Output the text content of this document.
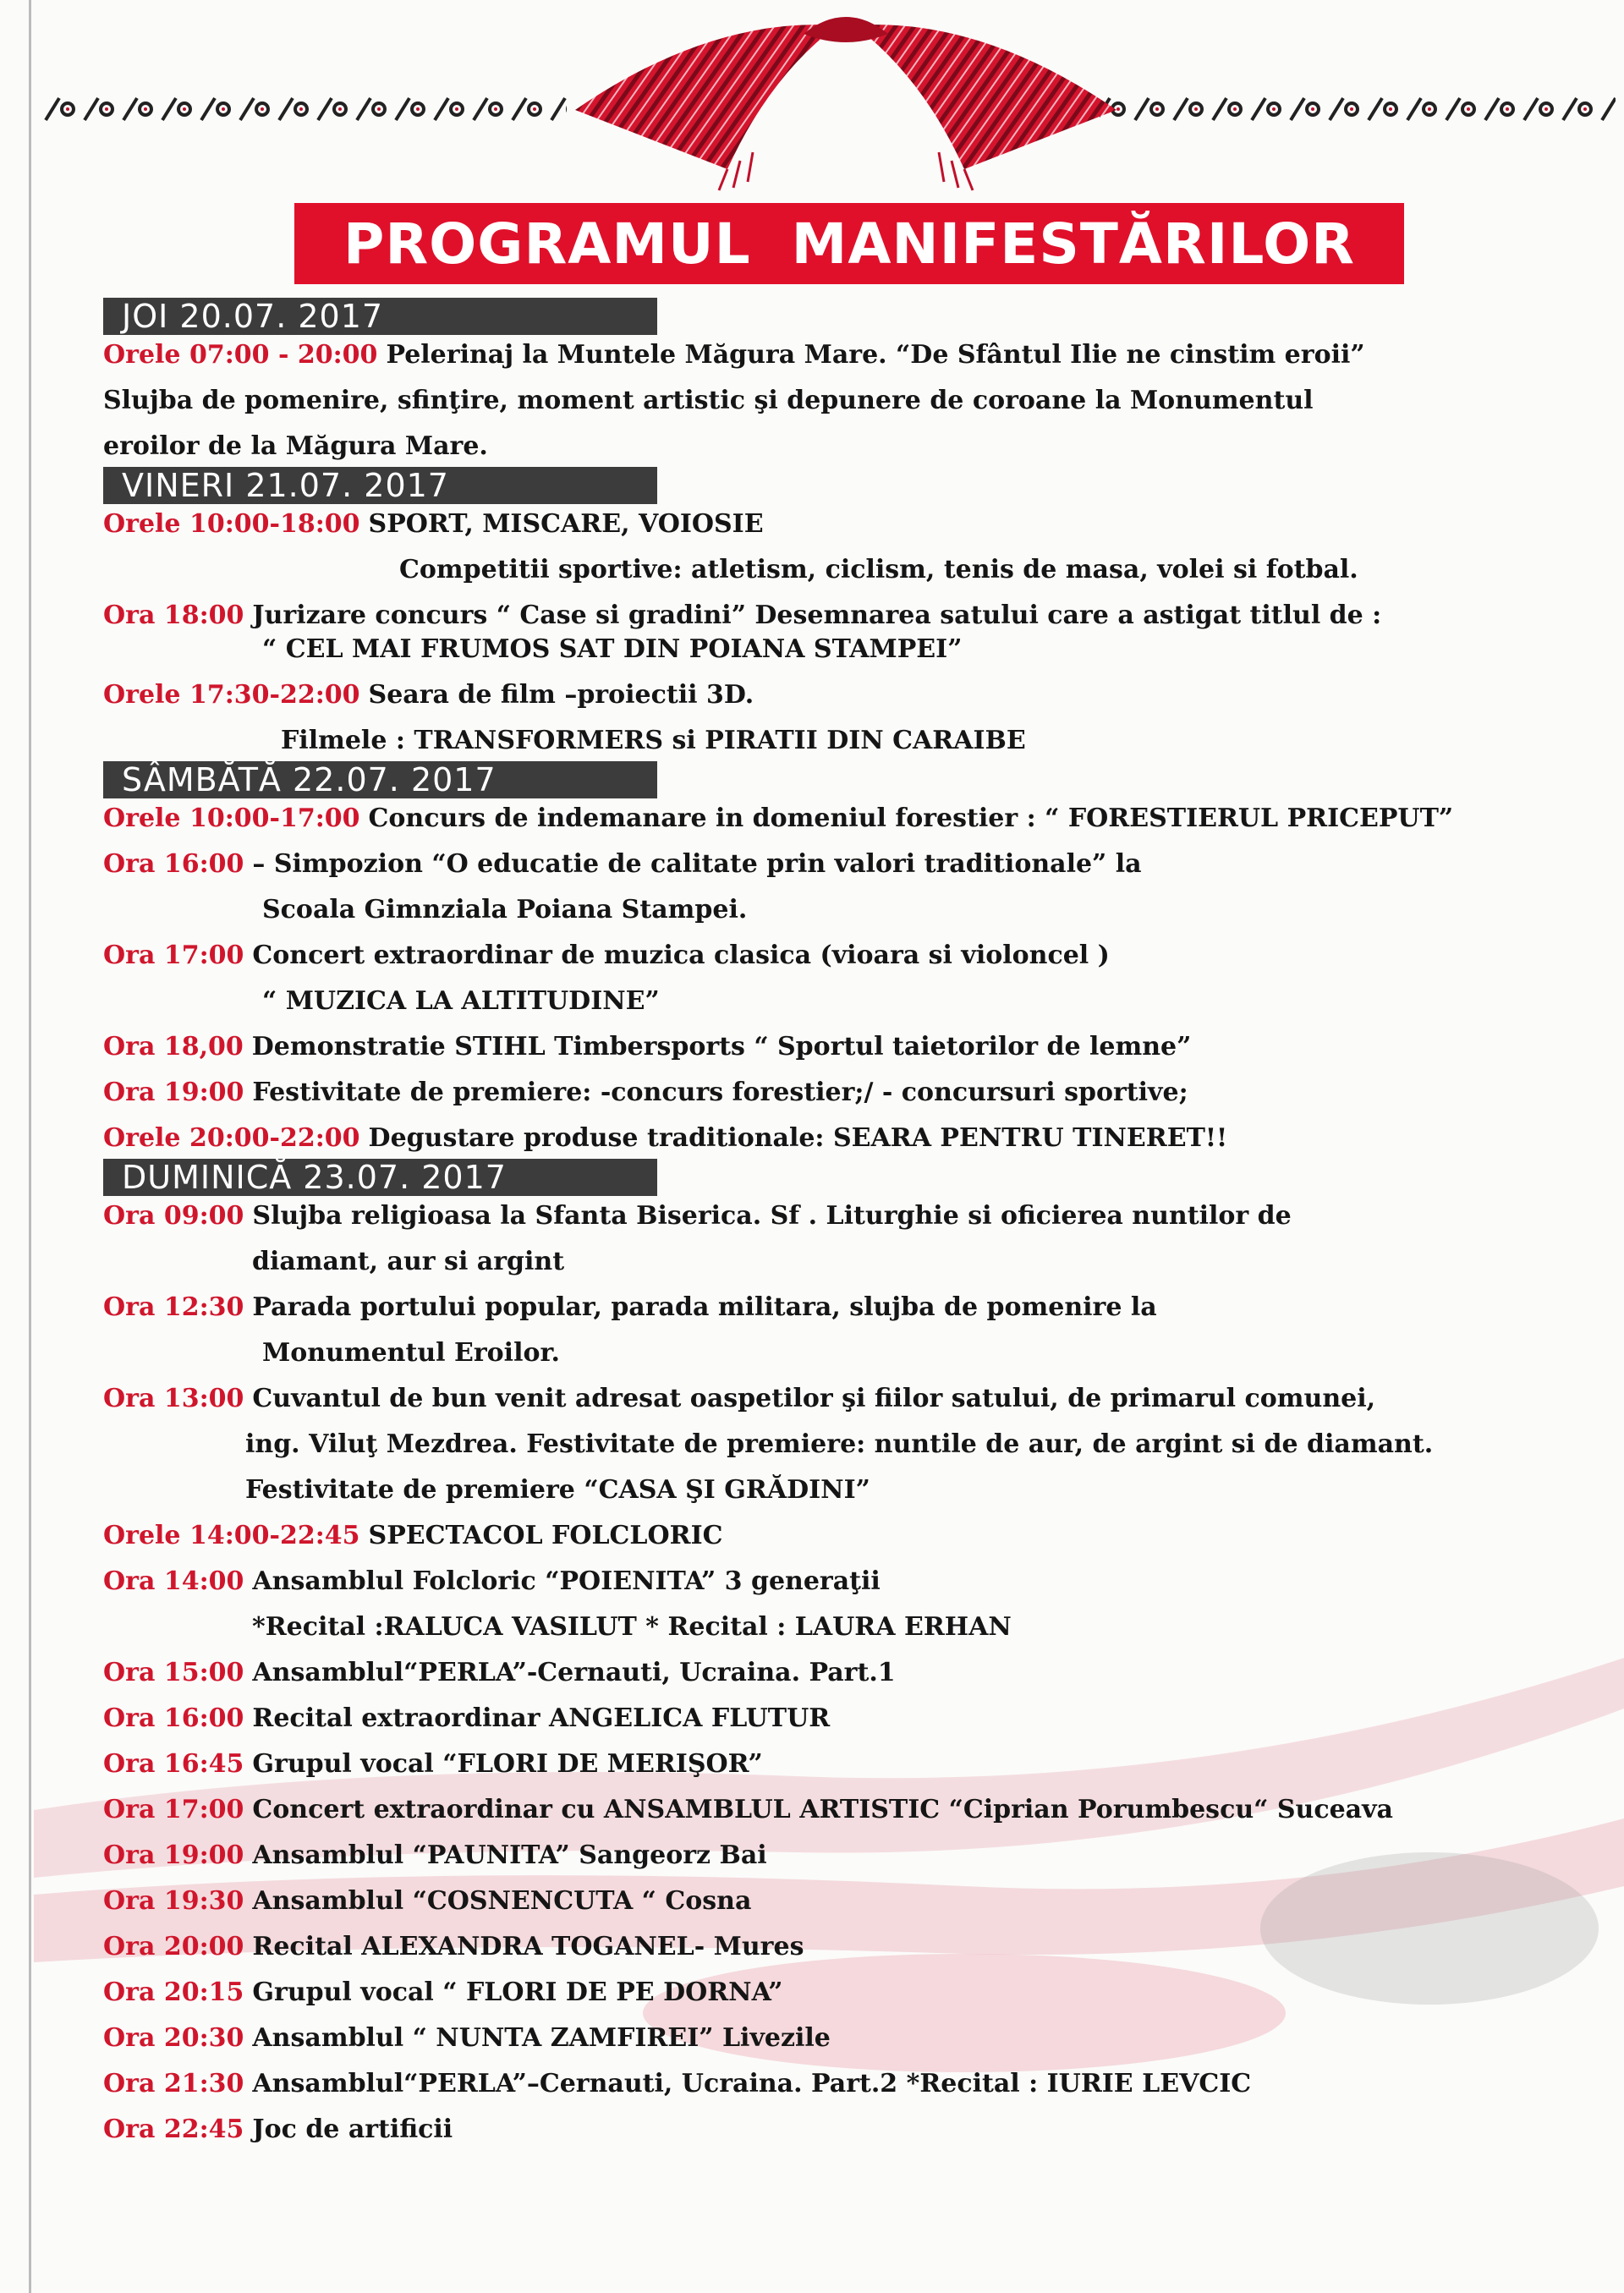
PROGRAMUL  MANIFESTĂRILOR
JOI 20.07. 2017
Orele 07:00 - 20:00 Pelerinaj la Muntele Măgura Mare. “De Sfântul Ilie ne cinstim eroii”
Slujba de pomenire, sfinţire, moment artistic şi depunere de coroane la Monumentul
eroilor de la Măgura Mare.
VINERI 21.07. 2017
Orele 10:00-18:00 SPORT, MISCARE, VOIOSIE
Competitii sportive: atletism, ciclism, tenis de masa, volei si fotbal.
Ora 18:00 Jurizare concurs “ Case si gradini” Desemnarea satului care a astigat titlul de :
“ CEL MAI FRUMOS SAT DIN POIANA STAMPEI”
Orele 17:30-22:00 Seara de film –proiectii 3D.
Filmele : TRANSFORMERS si PIRATII DIN CARAIBE
SÂMBĂTĂ 22.07. 2017
Orele 10:00-17:00 Concurs de indemanare in domeniul forestier : “ FORESTIERUL PRICEPUT”
Ora 16:00 – Simpozion “O educatie de calitate prin valori traditionale” la
Scoala Gimnziala Poiana Stampei.
Ora 17:00 Concert extraordinar de muzica clasica (vioara si violoncel )
“ MUZICA LA ALTITUDINE”
Ora 18,00 Demonstratie STIHL Timbersports “ Sportul taietorilor de lemne”
Ora 19:00 Festivitate de premiere: -concurs forestier;/ - concursuri sportive;
Orele 20:00-22:00 Degustare produse traditionale: SEARA PENTRU TINERET!!
DUMINICĂ 23.07. 2017
Ora 09:00 Slujba religioasa la Sfanta Biserica. Sf . Liturghie si oficierea nuntilor de
diamant, aur si argint
Ora 12:30 Parada portului popular, parada militara, slujba de pomenire la
Monumentul Eroilor.
Ora 13:00 Cuvantul de bun venit adresat oaspetilor şi fiilor satului, de primarul comunei,
ing. Viluţ Mezdrea. Festivitate de premiere: nuntile de aur, de argint si de diamant.
Festivitate de premiere “CASA ŞI GRĂDINI”
Orele 14:00-22:45 SPECTACOL FOLCLORIC
Ora 14:00 Ansamblul Folcloric “POIENITA” 3 generaţii
*Recital :RALUCA VASILUT * Recital : LAURA ERHAN
Ora 15:00 Ansamblul“PERLA”-Cernauti, Ucraina. Part.1
Ora 16:00 Recital extraordinar ANGELICA FLUTUR
Ora 16:45 Grupul vocal “FLORI DE MERIŞOR”
Ora 17:00 Concert extraordinar cu ANSAMBLUL ARTISTIC “Ciprian Porumbescu“ Suceava
Ora 19:00 Ansamblul “PAUNITA” Sangeorz Bai
Ora 19:30 Ansamblul “COSNENCUTA “ Cosna
Ora 20:00 Recital ALEXANDRA TOGANEL- Mures
Ora 20:15 Grupul vocal “ FLORI DE PE DORNA”
Ora 20:30 Ansamblul “ NUNTA ZAMFIREI” Livezile
Ora 21:30 Ansamblul“PERLA”–Cernauti, Ucraina. Part.2 *Recital : IURIE LEVCIC
Ora 22:45 Joc de artificii
